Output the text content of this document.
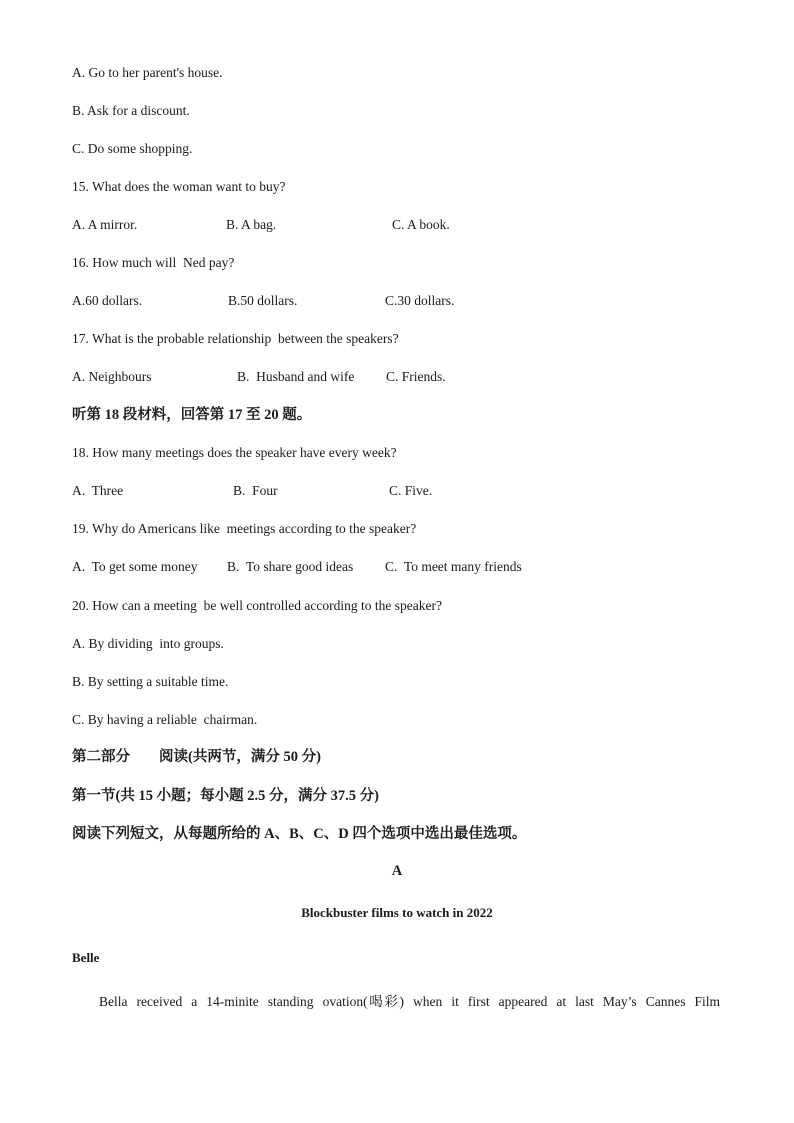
A. Go to her parent's house.
B. Ask for a discount.
C. Do some shopping.
15. What does the woman want to buy?

A. A mirror.

	B. A bag.

	C. A book.

16. How much will  Ned pay?

A.60 dollars.

	B.50 dollars.

	C.30 dollars.

17. What is the probable relationship  between the speakers?

A. Neighbours

	B.  Husband and wife

C. Friends.

听第 18 段材料，回答第 17 至 20 题。
18. How many meetings does the speaker have every week?

A.  Three

	B.  Four

	C. Five.

19. Why do Americans like  meetings according to the speaker?

A.  To get some money

B.  To share good ideas

C.  To meet many friends

20. How can a meeting  be well controlled according to the speaker?
A. By dividing  into groups.
B. By setting a suitable time.
C. By having a reliable  chairman.
第二部分        阅读(共两节，满分 50 分)
第一节(共 15 小题；每小题 2.5 分，满分 37.5 分)
阅读下列短文，从每题所给的 A、B、C、D 四个选项中选出最佳选项。
A
Blockbuster films to watch in 2022
Belle
Bella received a 14-minite standing ovation(喝彩) when it first appeared at last May’s Cannes Film
